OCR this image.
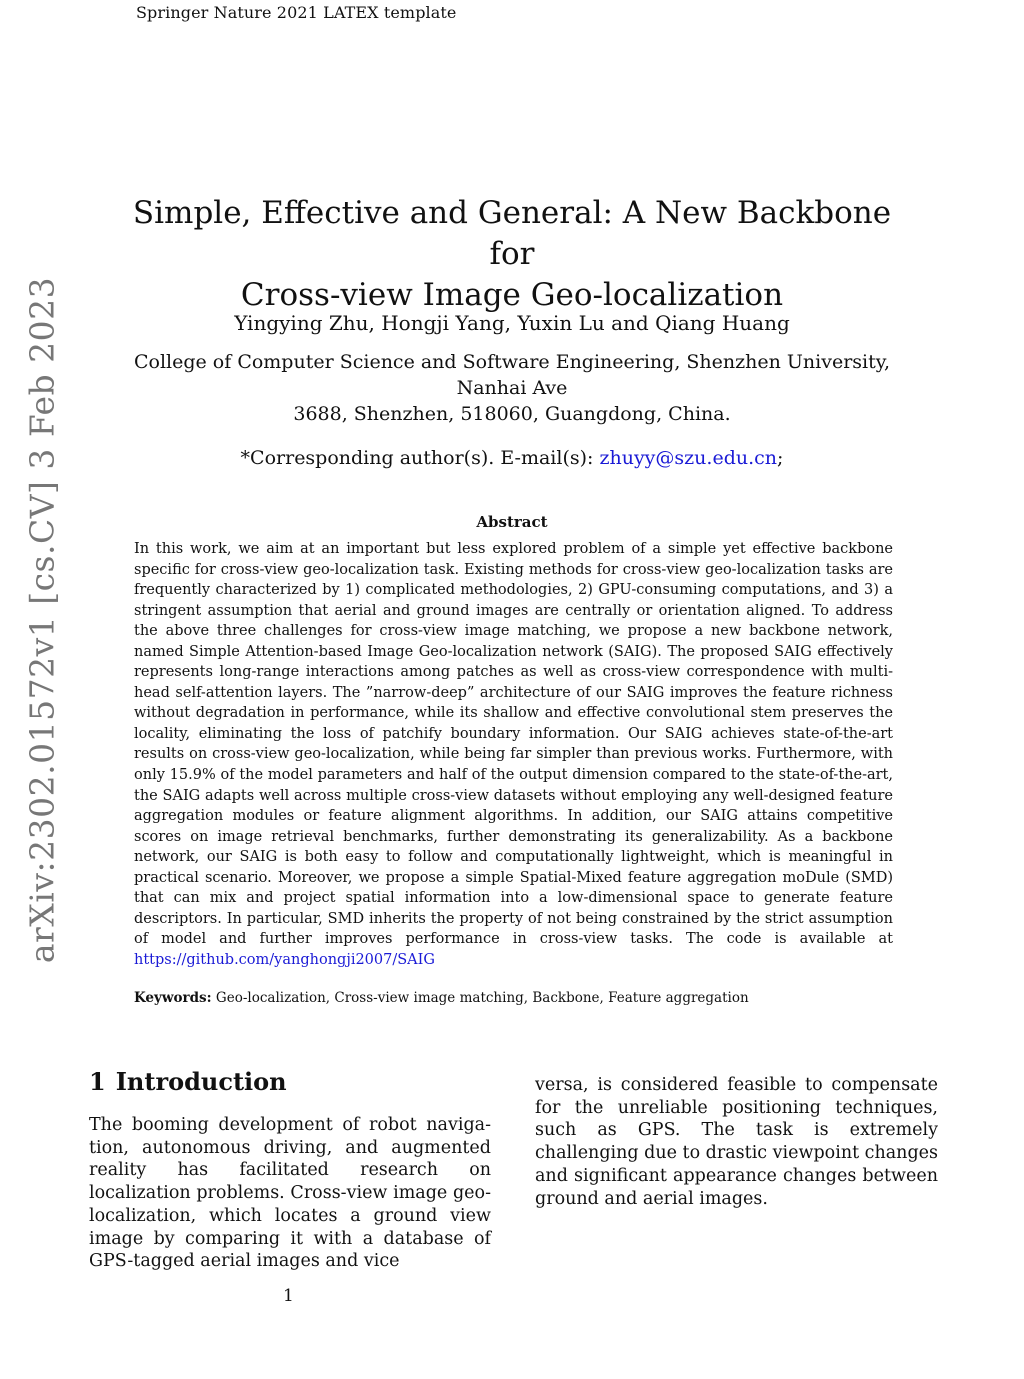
Springer Nature 2021 LATEX template
arXiv:2302.01572v1 [cs.CV] 3 Feb 2023
Simple, Effective and General: A New Backbone for
Cross-view Image Geo-localization
Yingying Zhu, Hongji Yang, Yuxin Lu and Qiang Huang
College of Computer Science and Software Engineering, Shenzhen University, Nanhai Ave
3688, Shenzhen, 518060, Guangdong, China.
*Corresponding author(s). E-mail(s): zhuyy@szu.edu.cn;
Abstract
In this work, we aim at an important but less explored problem of a simple yet effective backbone specific for cross-view geo-localization task. Existing methods for cross-view geo-localization tasks are frequently characterized by 1) complicated methodologies, 2) GPU-consuming computations, and 3) a stringent assumption that aerial and ground images are centrally or orientation aligned. To address the above three challenges for cross-view image matching, we propose a new backbone network, named Simple Attention-based Image Geo-localization network (SAIG). The proposed SAIG effectively represents long-range interactions among patches as well as cross-view correspondence with multi-head self-attention layers. The ”narrow-deep” architecture of our SAIG improves the feature richness without degradation in performance, while its shallow and effective convolutional stem preserves the locality, eliminating the loss of patchify boundary information. Our SAIG achieves state-of-the-art results on cross-view geo-localization, while being far simpler than previous works. Furthermore, with only 15.9% of the model parameters and half of the output dimension compared to the state-of-the-art, the SAIG adapts well across multiple cross-view datasets without employing any well-designed feature aggregation modules or feature alignment algorithms. In addition, our SAIG attains competitive scores on image retrieval benchmarks, further demonstrating its generalizability. As a backbone network, our SAIG is both easy to follow and computationally lightweight, which is meaningful in practical scenario. Moreover, we propose a simple Spatial-Mixed feature aggregation moDule (SMD) that can mix and project spatial information into a low-dimensional space to generate feature descriptors. In particular, SMD inherits the property of not being constrained by the strict assumption of model and further improves performance in cross-view tasks. The code is available at https://github.com/yanghongji2007/SAIG
Keywords: Geo-localization, Cross-view image matching, Backbone, Feature aggregation
1 Introduction
The booming development of robot navigation, autonomous driving, and augmented reality has facilitated research on localization problems. Cross-view image geo-localization, which locates a ground view image by comparing it with a database of GPS-tagged aerial images and vice
versa, is considered feasible to compensate for the unreliable positioning techniques, such as GPS. The task is extremely challenging due to drastic viewpoint changes and significant appearance changes between ground and aerial images.
1
